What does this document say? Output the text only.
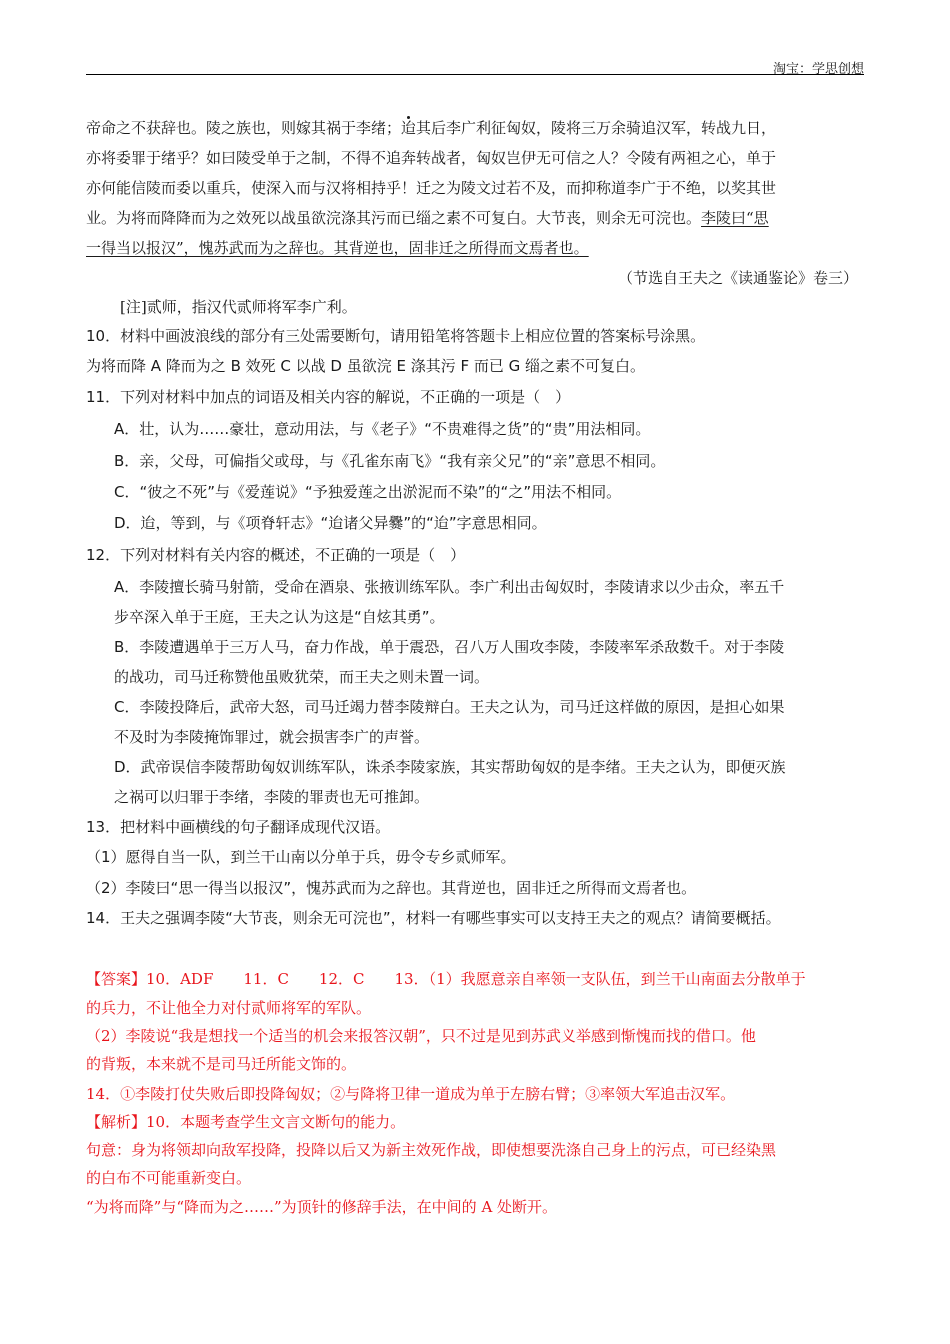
淘宝：学思创想
帝命之不获辞也。陵之族也，则嫁其祸于李绪；迨其后李广利征匈奴，陵将三万余骑追汉军，转战九日，
亦将委罪于绪乎？如曰陵受单于之制，不得不追奔转战者，匈奴岂伊无可信之人？令陵有两袒之心，单于
亦何能信陵而委以重兵，使深入而与汉将相持乎！迁之为陵文过若不及，而抑称道李广于不绝，以奖其世
业。为将而降降而为之效死以战虽欲浣涤其污而已缁之素不可复白。大节丧，则余无可浣也。李陵曰“思
一得当以报汉”，愧苏武而为之辞也。其背逆也，固非迁之所得而文焉者也。
（节选自王夫之《读通鉴论》卷三）
[注]贰师，指汉代贰师将军李广利。
10．材料中画波浪线的部分有三处需要断句，请用铅笔将答题卡上相应位置的答案标号涂黑。
为将而降 A 降而为之 B 效死 C 以战 D 虽欲浣 E 涤其污 F 而已 G 缁之素不可复白。
11．下列对材料中加点的词语及相关内容的解说，不正确的一项是（　）
A．壮，认为……豪壮，意动用法，与《老子》“不贵难得之货”的“贵”用法相同。
B．亲，父母，可偏指父或母，与《孔雀东南飞》“我有亲父兄”的“亲”意思不相同。
C．“彼之不死”与《爱莲说》“予独爱莲之出淤泥而不染”的“之”用法不相同。
D．迨，等到，与《项脊轩志》“迨诸父异爨”的“迨”字意思相同。
12．下列对材料有关内容的概述，不正确的一项是（　）
A．李陵擅长骑马射箭，受命在酒泉、张掖训练军队。李广利出击匈奴时，李陵请求以少击众，率五千
步卒深入单于王庭，王夫之认为这是“自炫其勇”。
B．李陵遭遇单于三万人马，奋力作战，单于震恐，召八万人围攻李陵，李陵率军杀敌数千。对于李陵
的战功，司马迁称赞他虽败犹荣，而王夫之则未置一词。
C．李陵投降后，武帝大怒，司马迁竭力替李陵辩白。王夫之认为，司马迁这样做的原因，是担心如果
不及时为李陵掩饰罪过，就会损害李广的声誉。
D．武帝误信李陵帮助匈奴训练军队，诛杀李陵家族，其实帮助匈奴的是李绪。王夫之认为，即便灭族
之祸可以归罪于李绪，李陵的罪责也无可推卸。
13．把材料中画横线的句子翻译成现代汉语。
（1）愿得自当一队，到兰干山南以分单于兵，毋令专乡贰师军。
（2）李陵曰“思一得当以报汉”，愧苏武而为之辞也。其背逆也，固非迁之所得而文焉者也。
14．王夫之强调李陵“大节丧，则余无可浣也”，材料一有哪些事实可以支持王夫之的观点？请简要概括。
【答案】10．ADF　　11．C　　12．C　　13．（1）我愿意亲自率领一支队伍，到兰干山南面去分散单于
的兵力，不让他全力对付贰师将军的军队。
（2）李陵说“我是想找一个适当的机会来报答汉朝”，只不过是见到苏武义举感到惭愧而找的借口。他
的背叛，本来就不是司马迁所能文饰的。
14．①李陵打仗失败后即投降匈奴；②与降将卫律一道成为单于左膀右臂；③率领大军追击汉军。
【解析】10．本题考查学生文言文断句的能力。
句意：身为将领却向敌军投降，投降以后又为新主效死作战，即使想要洗涤自己身上的污点，可已经染黑
的白布不可能重新变白。
“为将而降”与“降而为之……”为顶针的修辞手法，在中间的 A 处断开。
